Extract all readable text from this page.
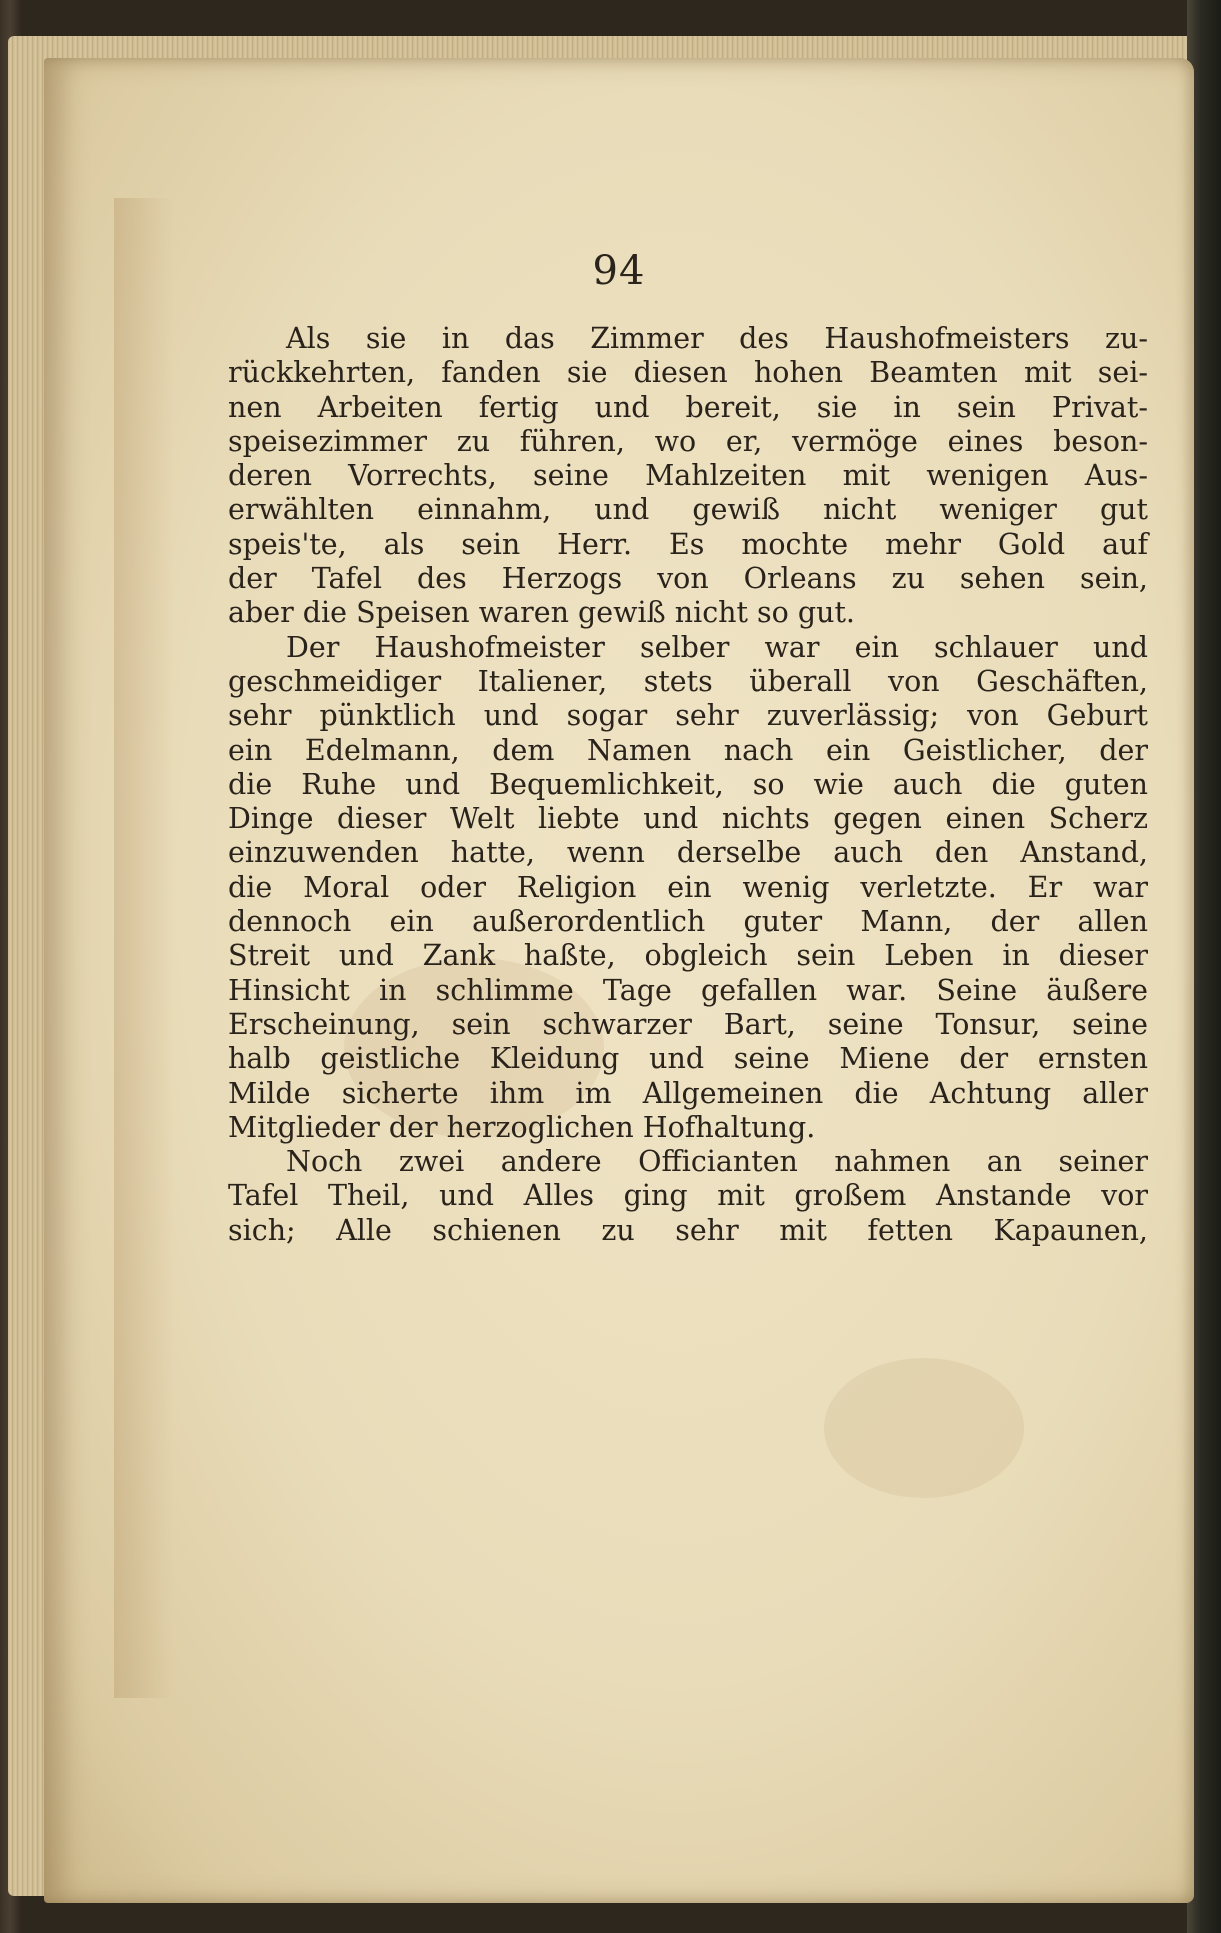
94

Als sie in das Zimmer des Haushofmeisters zu-

rückkehrten, fanden sie diesen hohen Beamten mit sei-

nen Arbeiten fertig und bereit, sie in sein Privat-

speisezimmer zu führen, wo er, vermöge eines beson-

deren Vorrechts, seine Mahlzeiten mit wenigen Aus-

erwählten einnahm, und gewiß nicht weniger gut

speis'te, als sein Herr. Es mochte mehr Gold auf

der Tafel des Herzogs von Orleans zu sehen sein,

aber die Speisen waren gewiß nicht so gut.

Der Haushofmeister selber war ein schlauer und

geschmeidiger Italiener, stets überall von Geschäften,

sehr pünktlich und sogar sehr zuverlässig; von Geburt

ein Edelmann, dem Namen nach ein Geistlicher, der

die Ruhe und Bequemlichkeit, so wie auch die guten

Dinge dieser Welt liebte und nichts gegen einen Scherz

einzuwenden hatte, wenn derselbe auch den Anstand,

die Moral oder Religion ein wenig verletzte. Er war

dennoch ein außerordentlich guter Mann, der allen

Streit und Zank haßte, obgleich sein Leben in dieser

Hinsicht in schlimme Tage gefallen war. Seine äußere

Erscheinung, sein schwarzer Bart, seine Tonsur, seine

halb geistliche Kleidung und seine Miene der ernsten

Milde sicherte ihm im Allgemeinen die Achtung aller

Mitglieder der herzoglichen Hofhaltung.

Noch zwei andere Officianten nahmen an seiner

Tafel Theil, und Alles ging mit großem Anstande vor

sich; Alle schienen zu sehr mit fetten Kapaunen,
